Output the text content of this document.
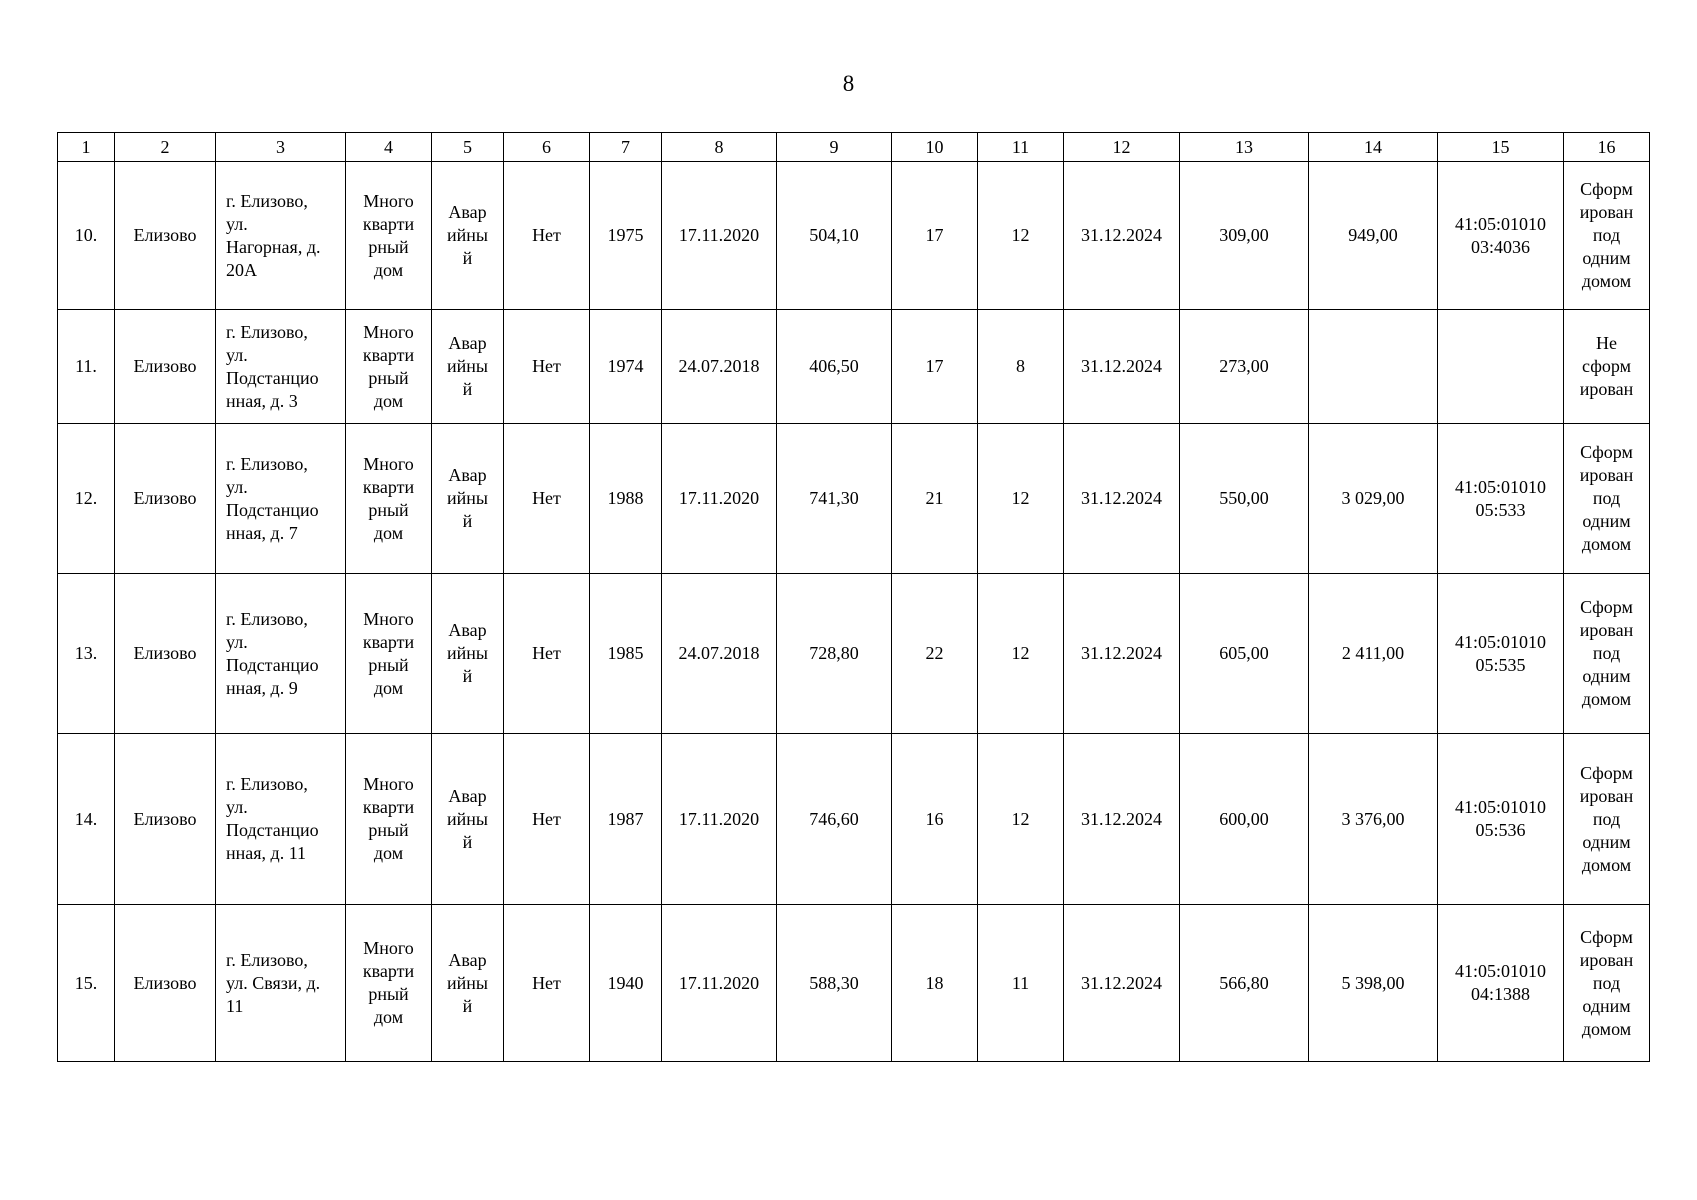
8
1	2	3	4	5	6	7	8	9	10	11	12	13	14	15	16
10.	Елизово	г. Елизово,
ул.
Нагорная, д.
20А	Много
кварти
рный
дом	Авар
ийны
й	Нет	1975	17.11.2020	504,10	17	12	31.12.2024	309,00	949,00	41:05:01010
03:4036	Сформ
ирован
под
одним
домом

11.	Елизово	г. Елизово,
ул.
Подстанцио
нная, д. 3	Много
кварти
рный
дом	Авар
ийны
й	Нет	1974	24.07.2018	406,50	17	8	31.12.2024	273,00			Не
сформ
ирован

12.	Елизово	г. Елизово,
ул.
Подстанцио
нная, д. 7	Много
кварти
рный
дом	Авар
ийны
й	Нет	1988	17.11.2020	741,30	21	12	31.12.2024	550,00	3 029,00	41:05:01010
05:533	Сформ
ирован
под
одним
домом

13.	Елизово	г. Елизово,
ул.
Подстанцио
нная, д. 9	Много
кварти
рный
дом	Авар
ийны
й	Нет	1985	24.07.2018	728,80	22	12	31.12.2024	605,00	2 411,00	41:05:01010
05:535	Сформ
ирован
под
одним
домом

14.	Елизово	г. Елизово,
ул.
Подстанцио
нная, д. 11	Много
кварти
рный
дом	Авар
ийны
й	Нет	1987	17.11.2020	746,60	16	12	31.12.2024	600,00	3 376,00	41:05:01010
05:536	Сформ
ирован
под
одним
домом

15.	Елизово	г. Елизово,
ул. Связи, д.
11	Много
кварти
рный
дом	Авар
ийны
й	Нет	1940	17.11.2020	588,30	18	11	31.12.2024	566,80	5 398,00	41:05:01010
04:1388	Сформ
ирован
под
одним
домом
